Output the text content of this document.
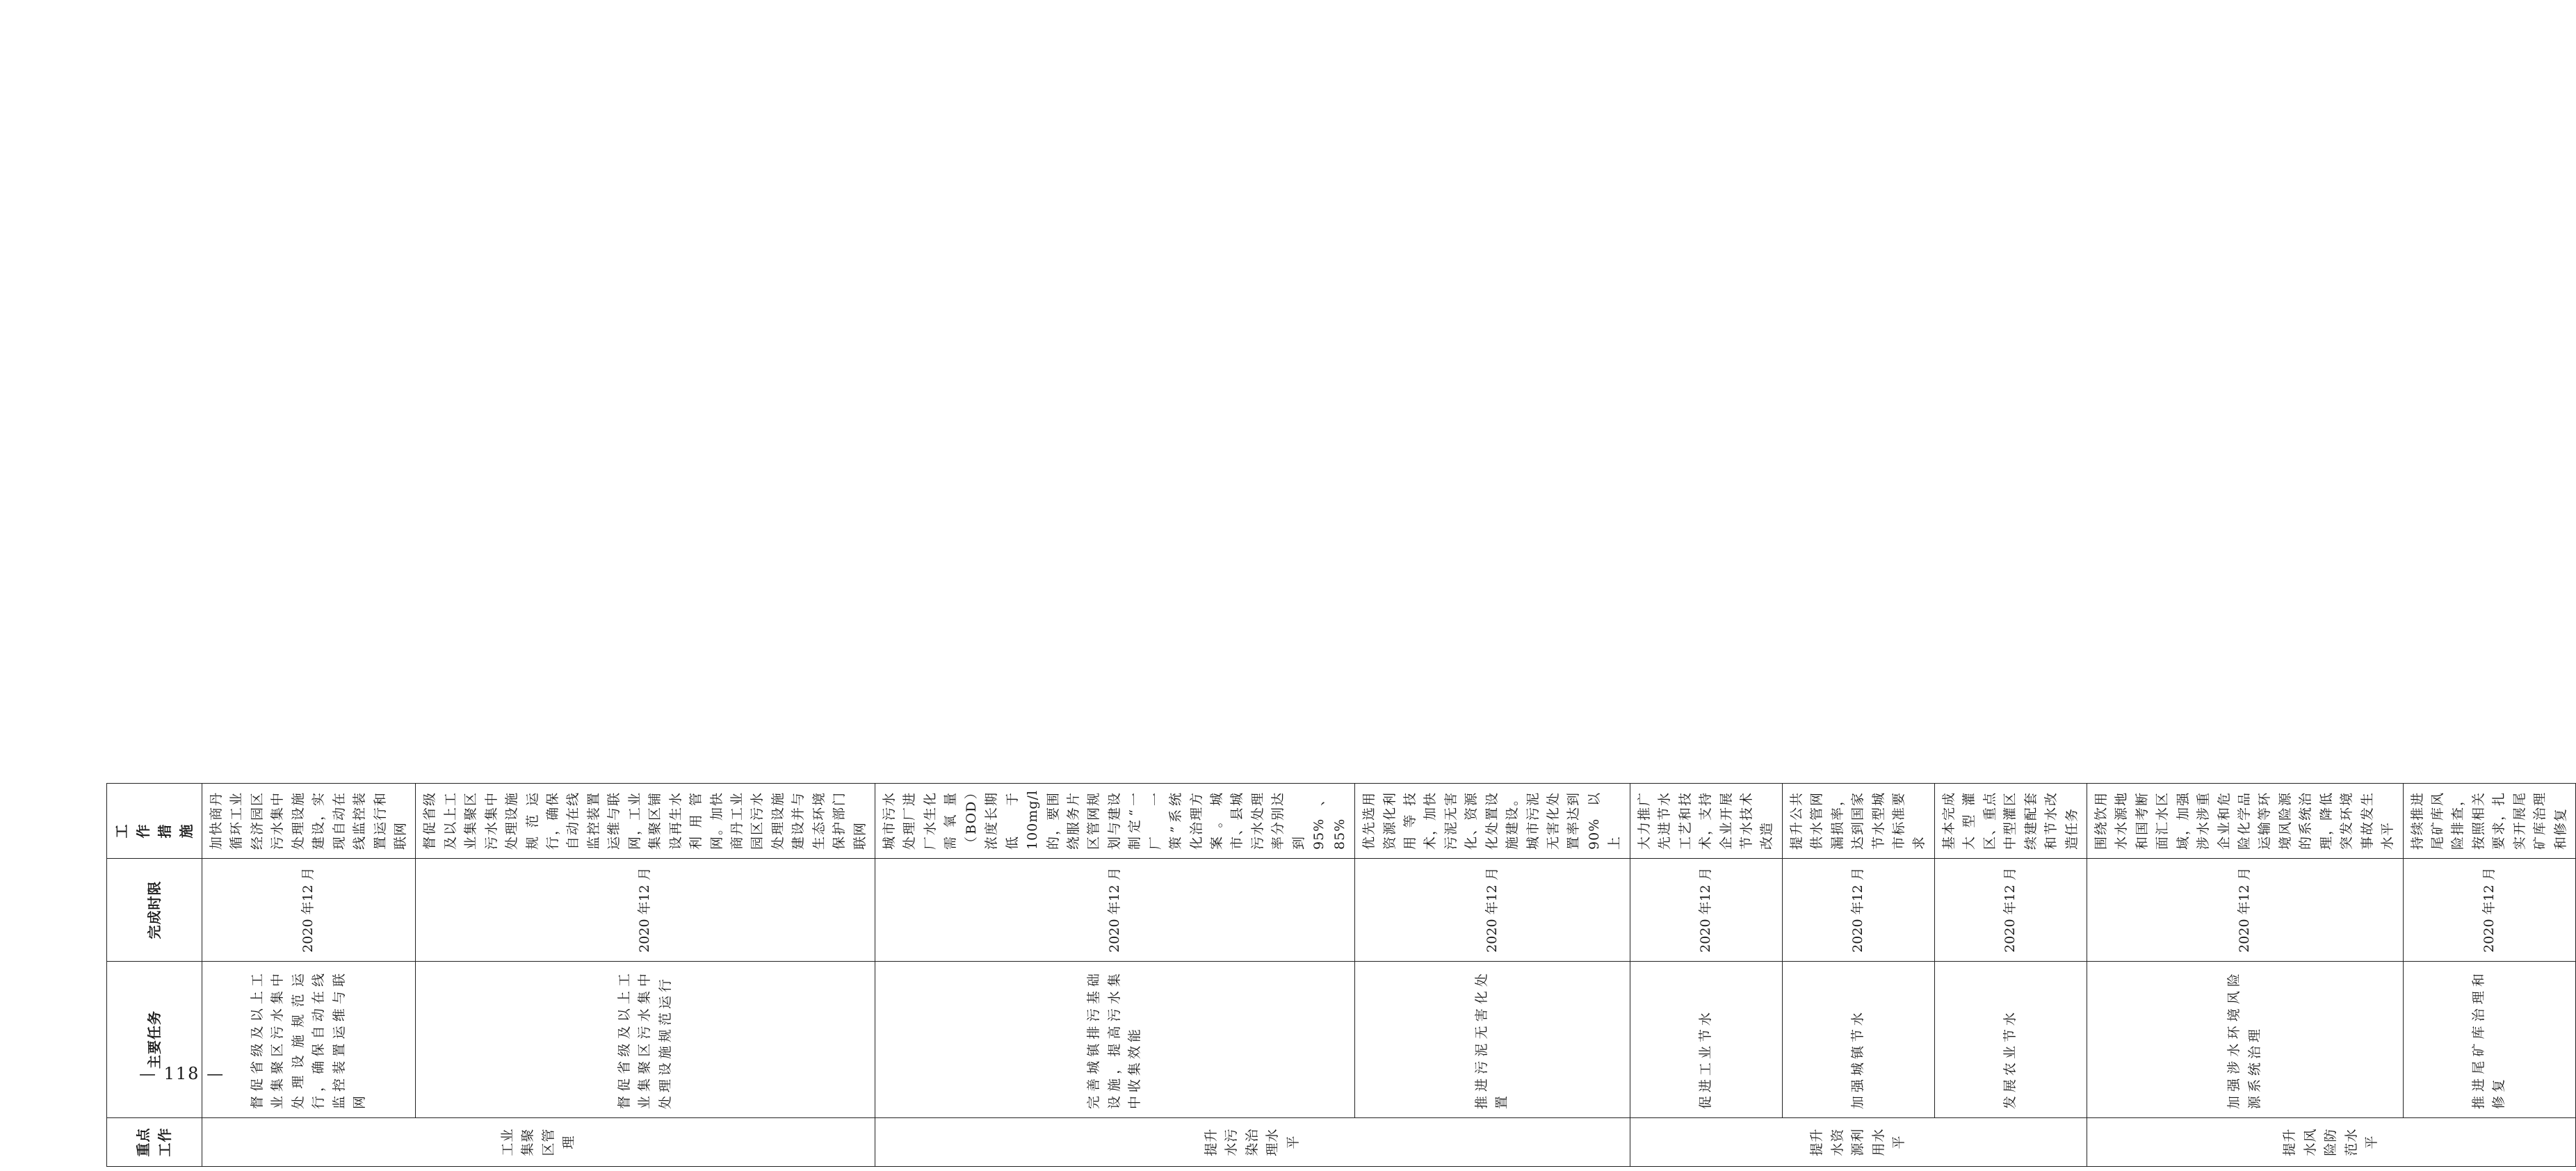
重点工作	主要任务	完成时限	工　作　措　施
工业集聚区管理	督促省级及以上工业集聚区污水集中处理设施规范运行，确保自动在线监控装置运维与联网	2020 年12 月	加快商丹循环工业经济园区污水集中处理设施建设，实现自动在线监控装置运行和联网
	督促省级及以上工业集聚区污水集中处理设施规范运行	2020 年12 月	督促省级及以上工业集聚区污水集中处理设施规范运行，确保自动在线监控装置运维与联网，工业集聚区铺设再生水利用管网。加快商丹工业园区污水处理设施建设并与生态环境保护部门联网
提升水污染治理水平	完善城镇排污基础设施，提高污水集中收集效能	2020 年12 月	城市污水处理厂进厂水生化需氧量（BOD）浓度长期低于100mg/l的，要围绕服务片区管网规划与建设制定“一厂一策”系统化治理方案。城市、县城污水处理率分别达到95%、85%
	推进污泥无害化处置	2020 年12 月	优先选用资源化利用等技术，加快污泥无害化、资源化处置设施建设。城市污泥无害化处置率达到90%以上
提升水资源利用水平	促进工业节水	2020 年12 月	大力推广先进节水工艺和技术，支持企业开展节水技术改造
	加强城镇节水	2020 年12 月	提升公共供水管网漏损率，达到国家节水型城市标准要求
	发展农业节水	2020 年12 月	基本完成大型灌区、重点中型灌区续建配套和节水改造任务
提升水风险防范水平	加强涉水环境风险源系统治理	2020 年12 月	围绕饮用水水源地和国考断面汇水区域，加强涉水涉重企业和危险化学品运输等环境风险源的系统治理，降低突发环境事故发生水平
	推进尾矿库治理和修复	2020 年12 月	持续推进尾矿库风险排查，按照相关要求，扎实开展尾矿库治理和修复
— 118 —
